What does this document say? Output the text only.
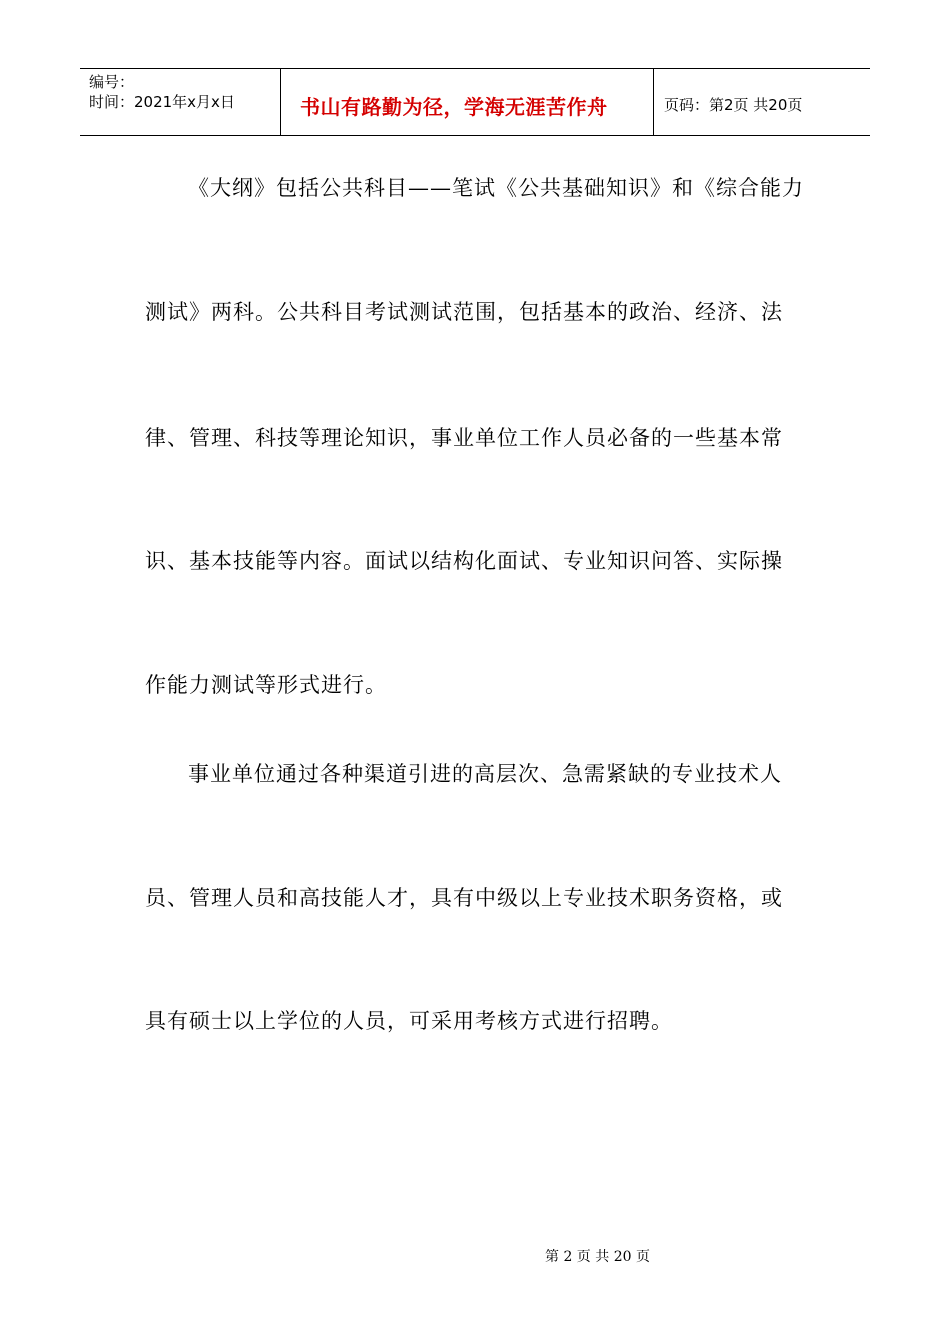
编号：
时间：2021年x月x日	书山有路勤为径，学海无涯苦作舟	页码：第2页 共20页
《大纲》包括公共科目——笔试《公共基础知识》和《综合能力
测试》两科。公共科目考试测试范围，包括基本的政治、经济、法
律、管理、科技等理论知识，事业单位工作人员必备的一些基本常
识、基本技能等内容。面试以结构化面试、专业知识问答、实际操
作能力测试等形式进行。
事业单位通过各种渠道引进的高层次、急需紧缺的专业技术人
员、管理人员和高技能人才，具有中级以上专业技术职务资格，或
具有硕士以上学位的人员，可采用考核方式进行招聘。
第 2 页 共 20 页
